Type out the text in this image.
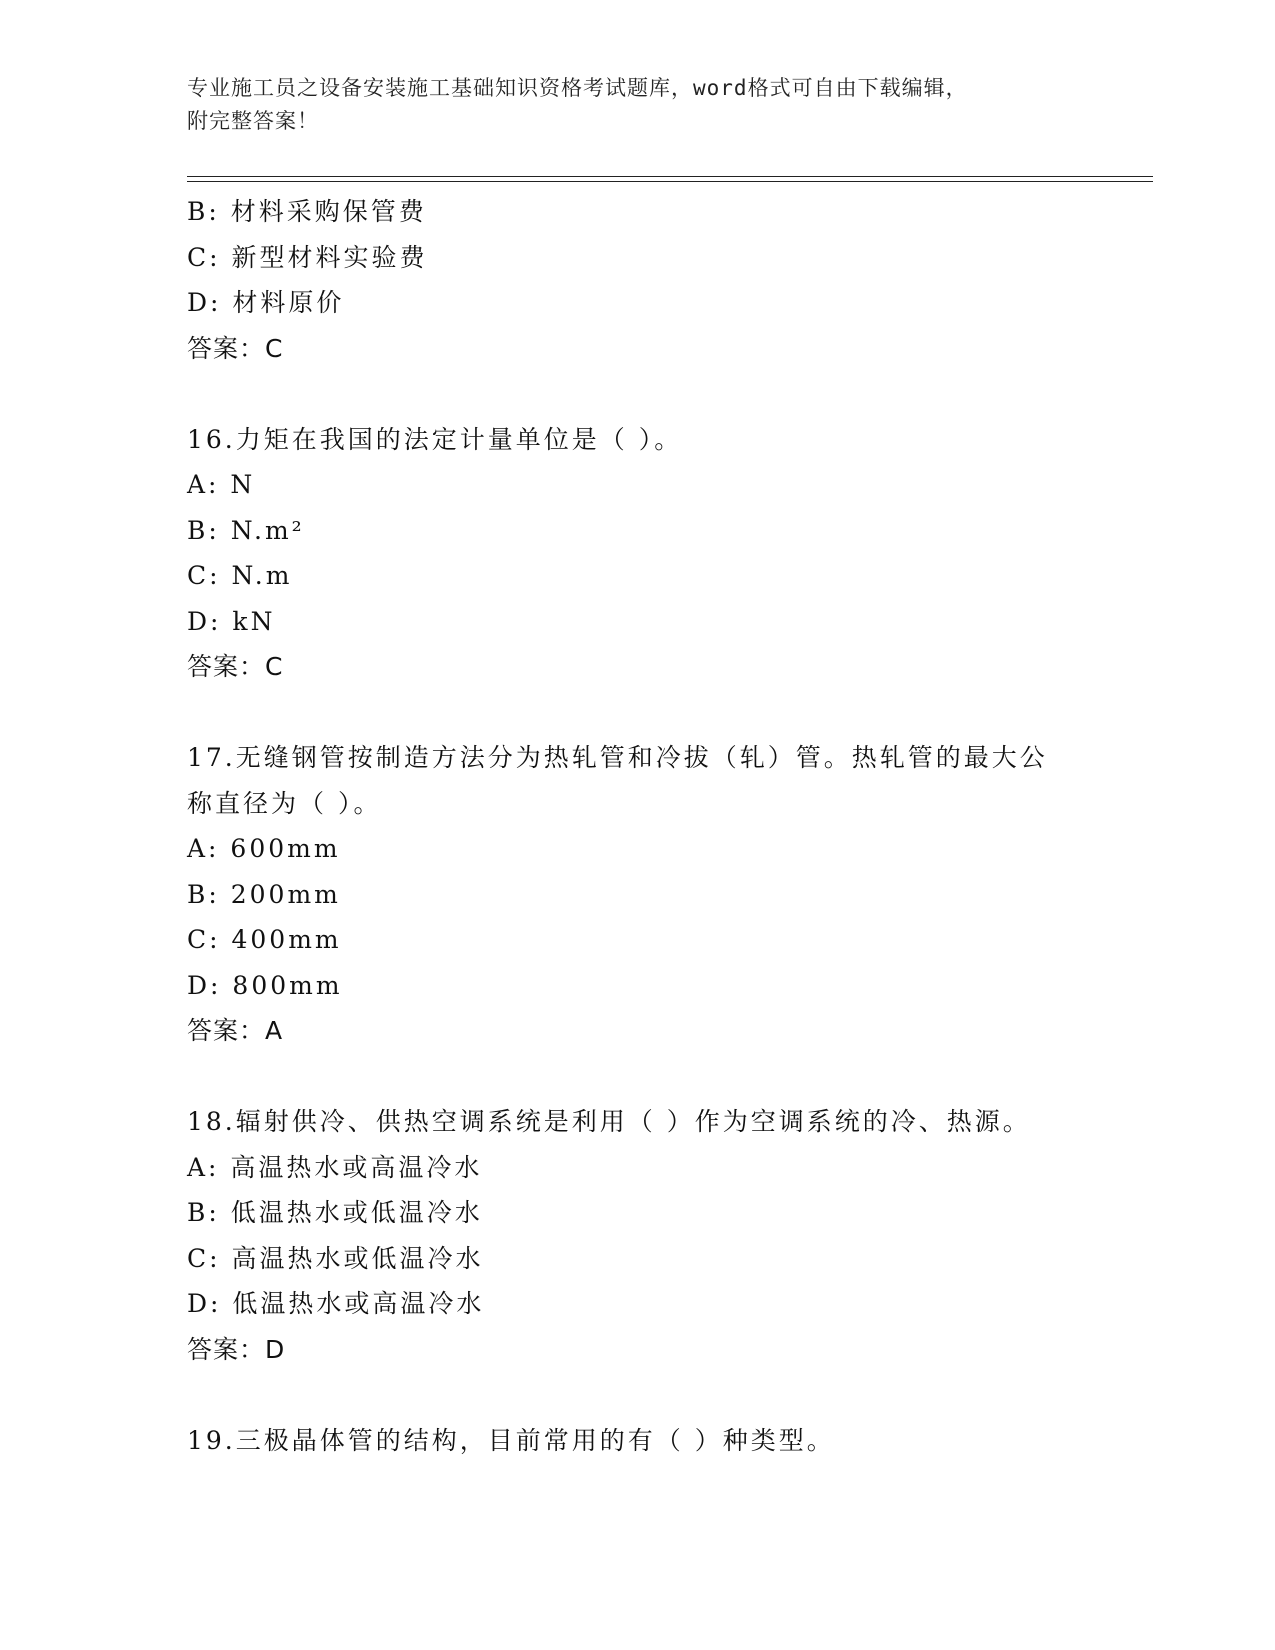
专业施工员之设备安装施工基础知识资格考试题库，word格式可自由下载编辑，
附完整答案！
B: 材料采购保管费
C: 新型材料实验费
D: 材料原价
答案：C
16.力矩在我国的法定计量单位是（ ）。
A: N
B: N.m²
C: N.m
D: kN
答案：C
17.无缝钢管按制造方法分为热轧管和冷拔（轧）管。热轧管的最大公
称直径为（ ）。
A: 600mm
B: 200mm
C: 400mm
D: 800mm
答案：A
18.辐射供冷、供热空调系统是利用（ ）作为空调系统的冷、热源。
A: 高温热水或高温冷水
B: 低温热水或低温冷水
C: 高温热水或低温冷水
D: 低温热水或高温冷水
答案：D
19.三极晶体管的结构，目前常用的有（ ）种类型。
